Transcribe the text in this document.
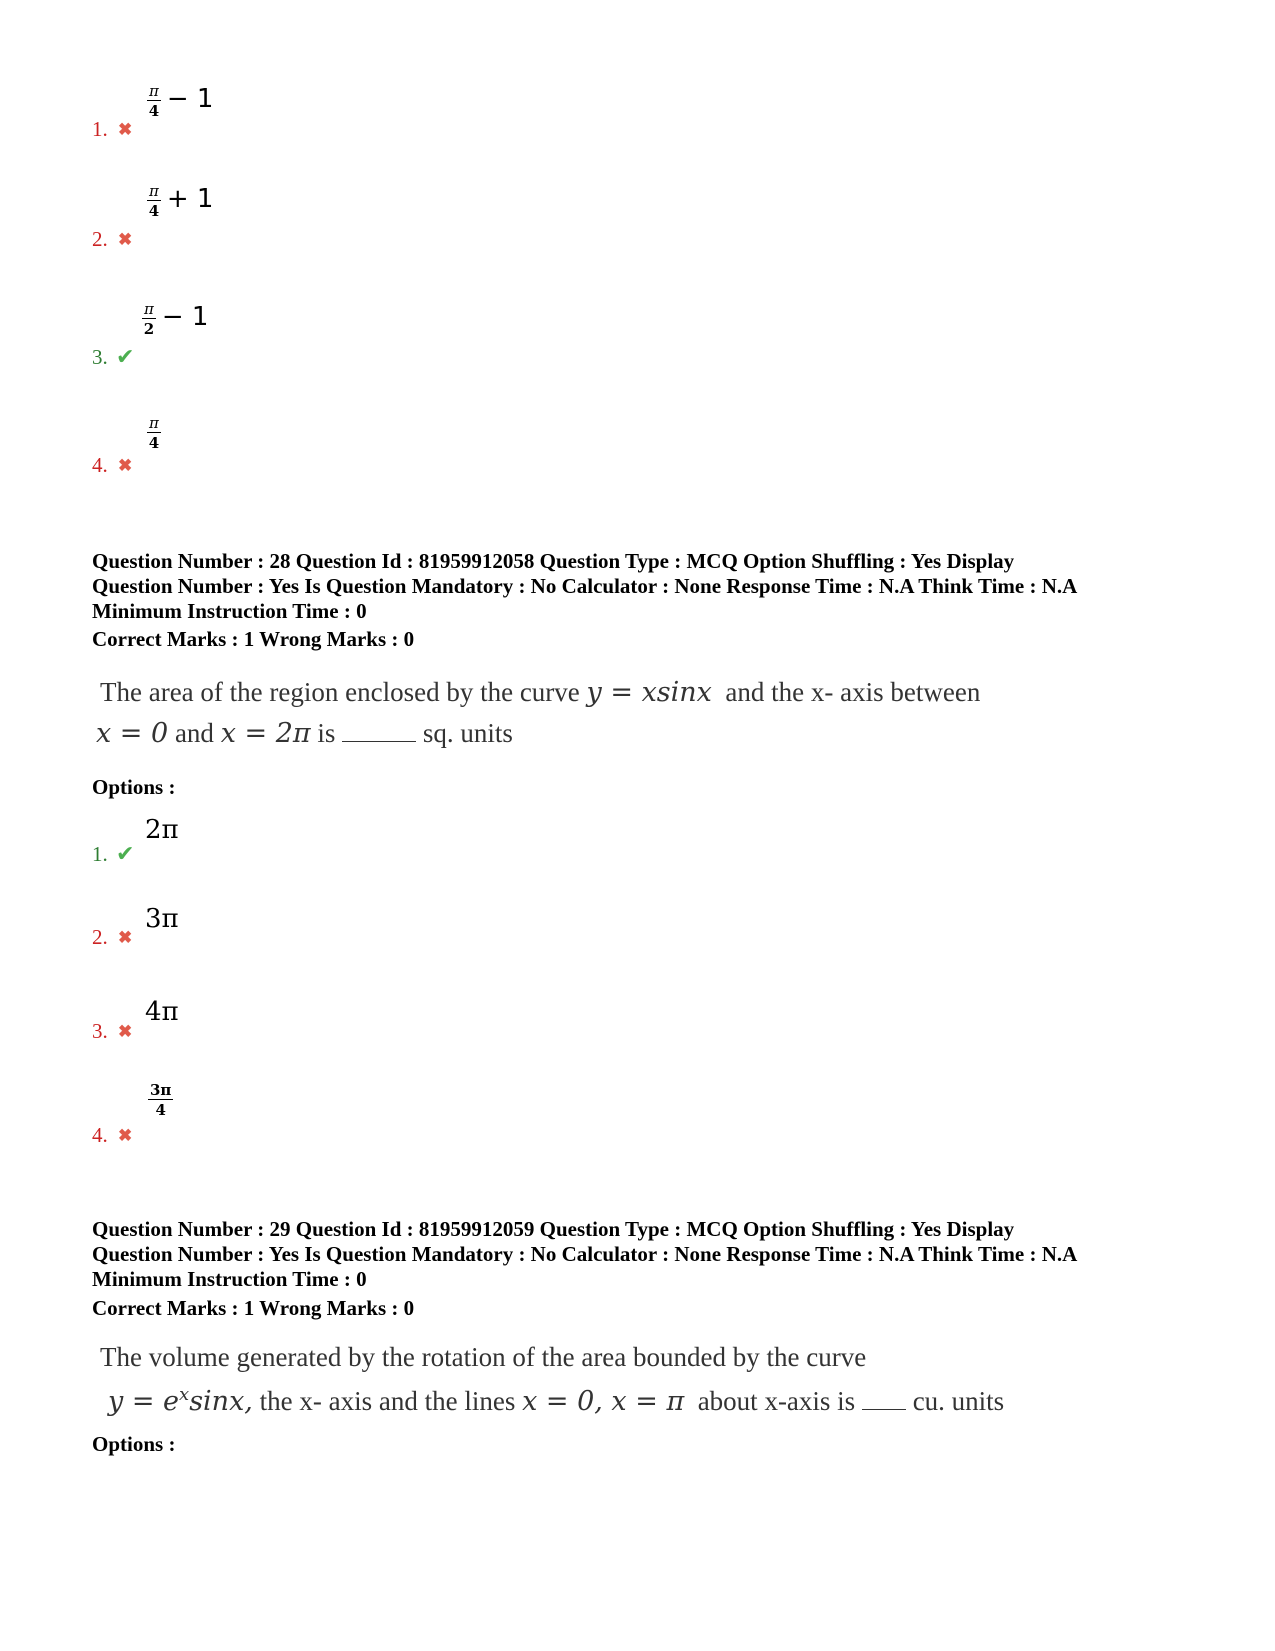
$\frac{\pi}{4} - 1$
1. ✖
$\frac{\pi}{4} + 1$
2. ✖
$\frac{\pi}{2} - 1$
3. ✔
$\frac{\pi}{4}$
4. ✖

Question Number : 28 Question Id : 81959912058 Question Type : MCQ Option Shuffling : Yes Display

Question Number : Yes Is Question Mandatory : No Calculator : None Response Time : N.A Think Time : N.A

Minimum Instruction Time : 0

Correct Marks : 1 Wrong Marks : 0
The area of the region enclosed by the curve y = xsinx and the x- axis between
x = 0 and x = 2π is	sq. units
Options :
2π
1. ✔
3π
2. ✖
4π
3. ✖
$\frac{3\pi}{4}$
4. ✖

Question Number : 29 Question Id : 81959912059 Question Type : MCQ Option Shuffling : Yes Display

Question Number : Yes Is Question Mandatory : No Calculator : None Response Time : N.A Think Time : N.A

Minimum Instruction Time : 0

Correct Marks : 1 Wrong Marks : 0
The volume generated by the rotation of the area bounded by the curve
$y = e^x\sin x$, the x- axis and the lines x = 0, x = π about x-axis is cu. units
Options :
